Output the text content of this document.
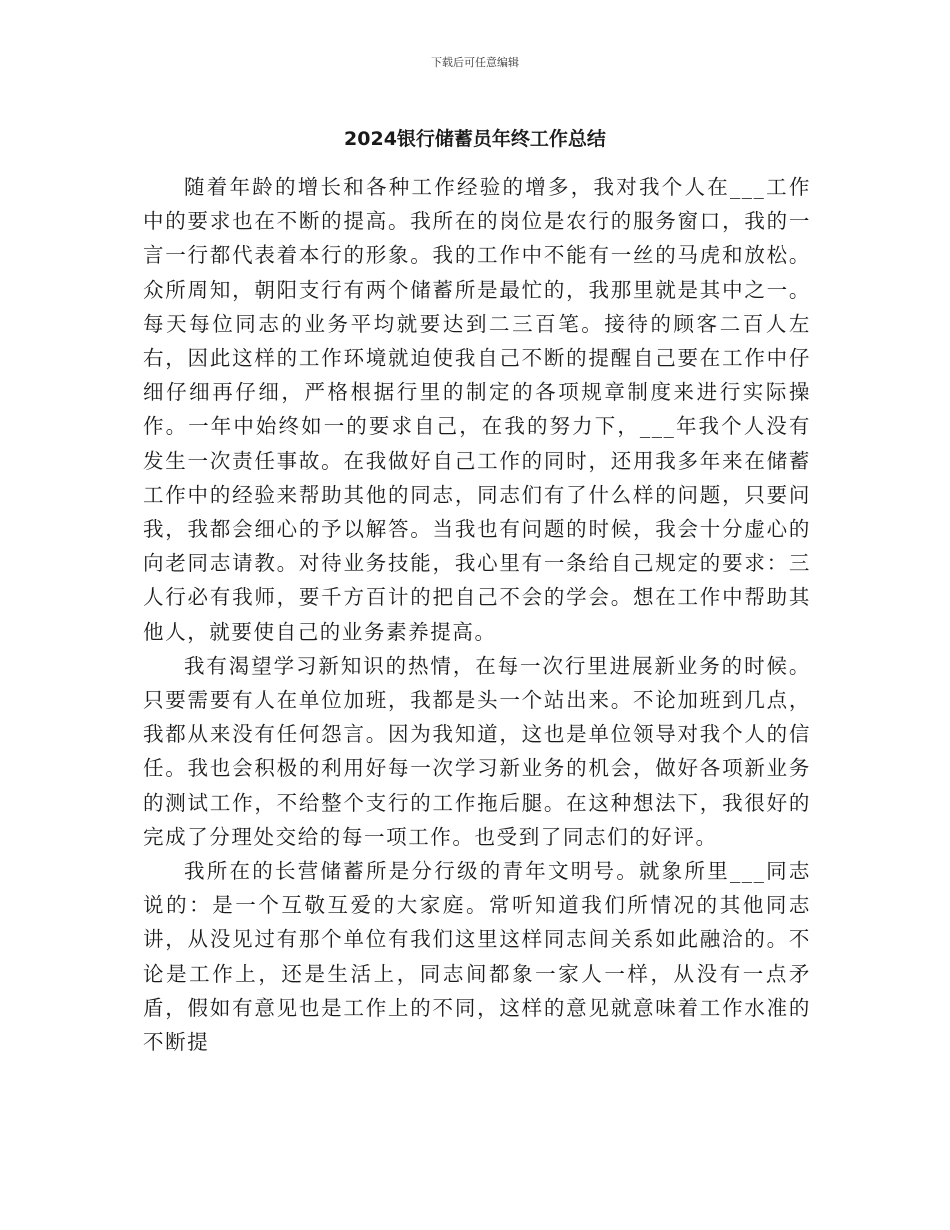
下载后可任意编辑
2024银行储蓄员年终工作总结

随着年龄的增长和各种工作经验的增多，我对我个人在___工作中的要求也在不断的提高。我所在的岗位是农行的服务窗口，我的一言一行都代表着本行的形象。我的工作中不能有一丝的马虎和放松。众所周知，朝阳支行有两个储蓄所是最忙的，我那里就是其中之一。每天每位同志的业务平均就要达到二三百笔。接待的顾客二百人左右，因此这样的工作环境就迫使我自己不断的提醒自己要在工作中仔细仔细再仔细，严格根据行里的制定的各项规章制度来进行实际操作。一年中始终如一的要求自己，在我的努力下，___年我个人没有发生一次责任事故。在我做好自己工作的同时，还用我多年来在储蓄工作中的经验来帮助其他的同志，同志们有了什么样的问题，只要问我，我都会细心的予以解答。当我也有问题的时候，我会十分虚心的向老同志请教。对待业务技能，我心里有一条给自己规定的要求：三人行必有我师，要千方百计的把自己不会的学会。想在工作中帮助其他人，就要使自己的业务素养提高。

我有渴望学习新知识的热情，在每一次行里进展新业务的时候。只要需要有人在单位加班，我都是头一个站出来。不论加班到几点，我都从来没有任何怨言。因为我知道，这也是单位领导对我个人的信任。我也会积极的利用好每一次学习新业务的机会，做好各项新业务的测试工作，不给整个支行的工作拖后腿。在这种想法下，我很好的完成了分理处交给的每一项工作。也受到了同志们的好评。

我所在的长营储蓄所是分行级的青年文明号。就象所里___同志说的：是一个互敬互爱的大家庭。常听知道我们所情况的其他同志讲，从没见过有那个单位有我们这里这样同志间关系如此融洽的。不论是工作上，还是生活上，同志间都象一家人一样，从没有一点矛盾，假如有意见也是工作上的不同，这样的意见就意味着工作水准的不断提
